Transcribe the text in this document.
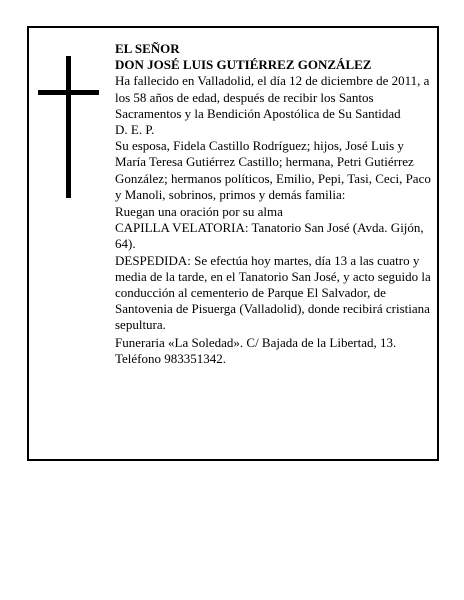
EL SEÑOR
DON JOSÉ LUIS GUTIÉRREZ GONZÁLEZ

Ha fallecido en Valladolid, el día 12 de diciembre de 2011, a los 58 años de edad, después de recibir los Santos Sacramentos y la Bendición Apostólica de Su Santidad

D. E. P.

Su esposa, Fidela Castillo Rodríguez; hijos, José Luis y María Teresa Gutiérrez Castillo; hermana, Petri Gutiérrez González; hermanos políticos, Emilio, Pepi, Tasi, Ceci, Paco y Manoli, sobrinos, primos y demás familia:

Ruegan una oración por su alma

CAPILLA VELATORIA: Tanatorio San José (Avda. Gijón, 64).

DESPEDIDA: Se efectúa hoy martes, día 13 a las cuatro y media de la tarde, en el Tanatorio San José, y acto seguido la conducción al cementerio de Parque El Salvador, de Santovenia de Pisuerga (Valladolid), donde recibirá cristiana sepultura.

Funeraria «La Soledad». C/ Bajada de la Libertad, 13. Teléfono 983351342.
